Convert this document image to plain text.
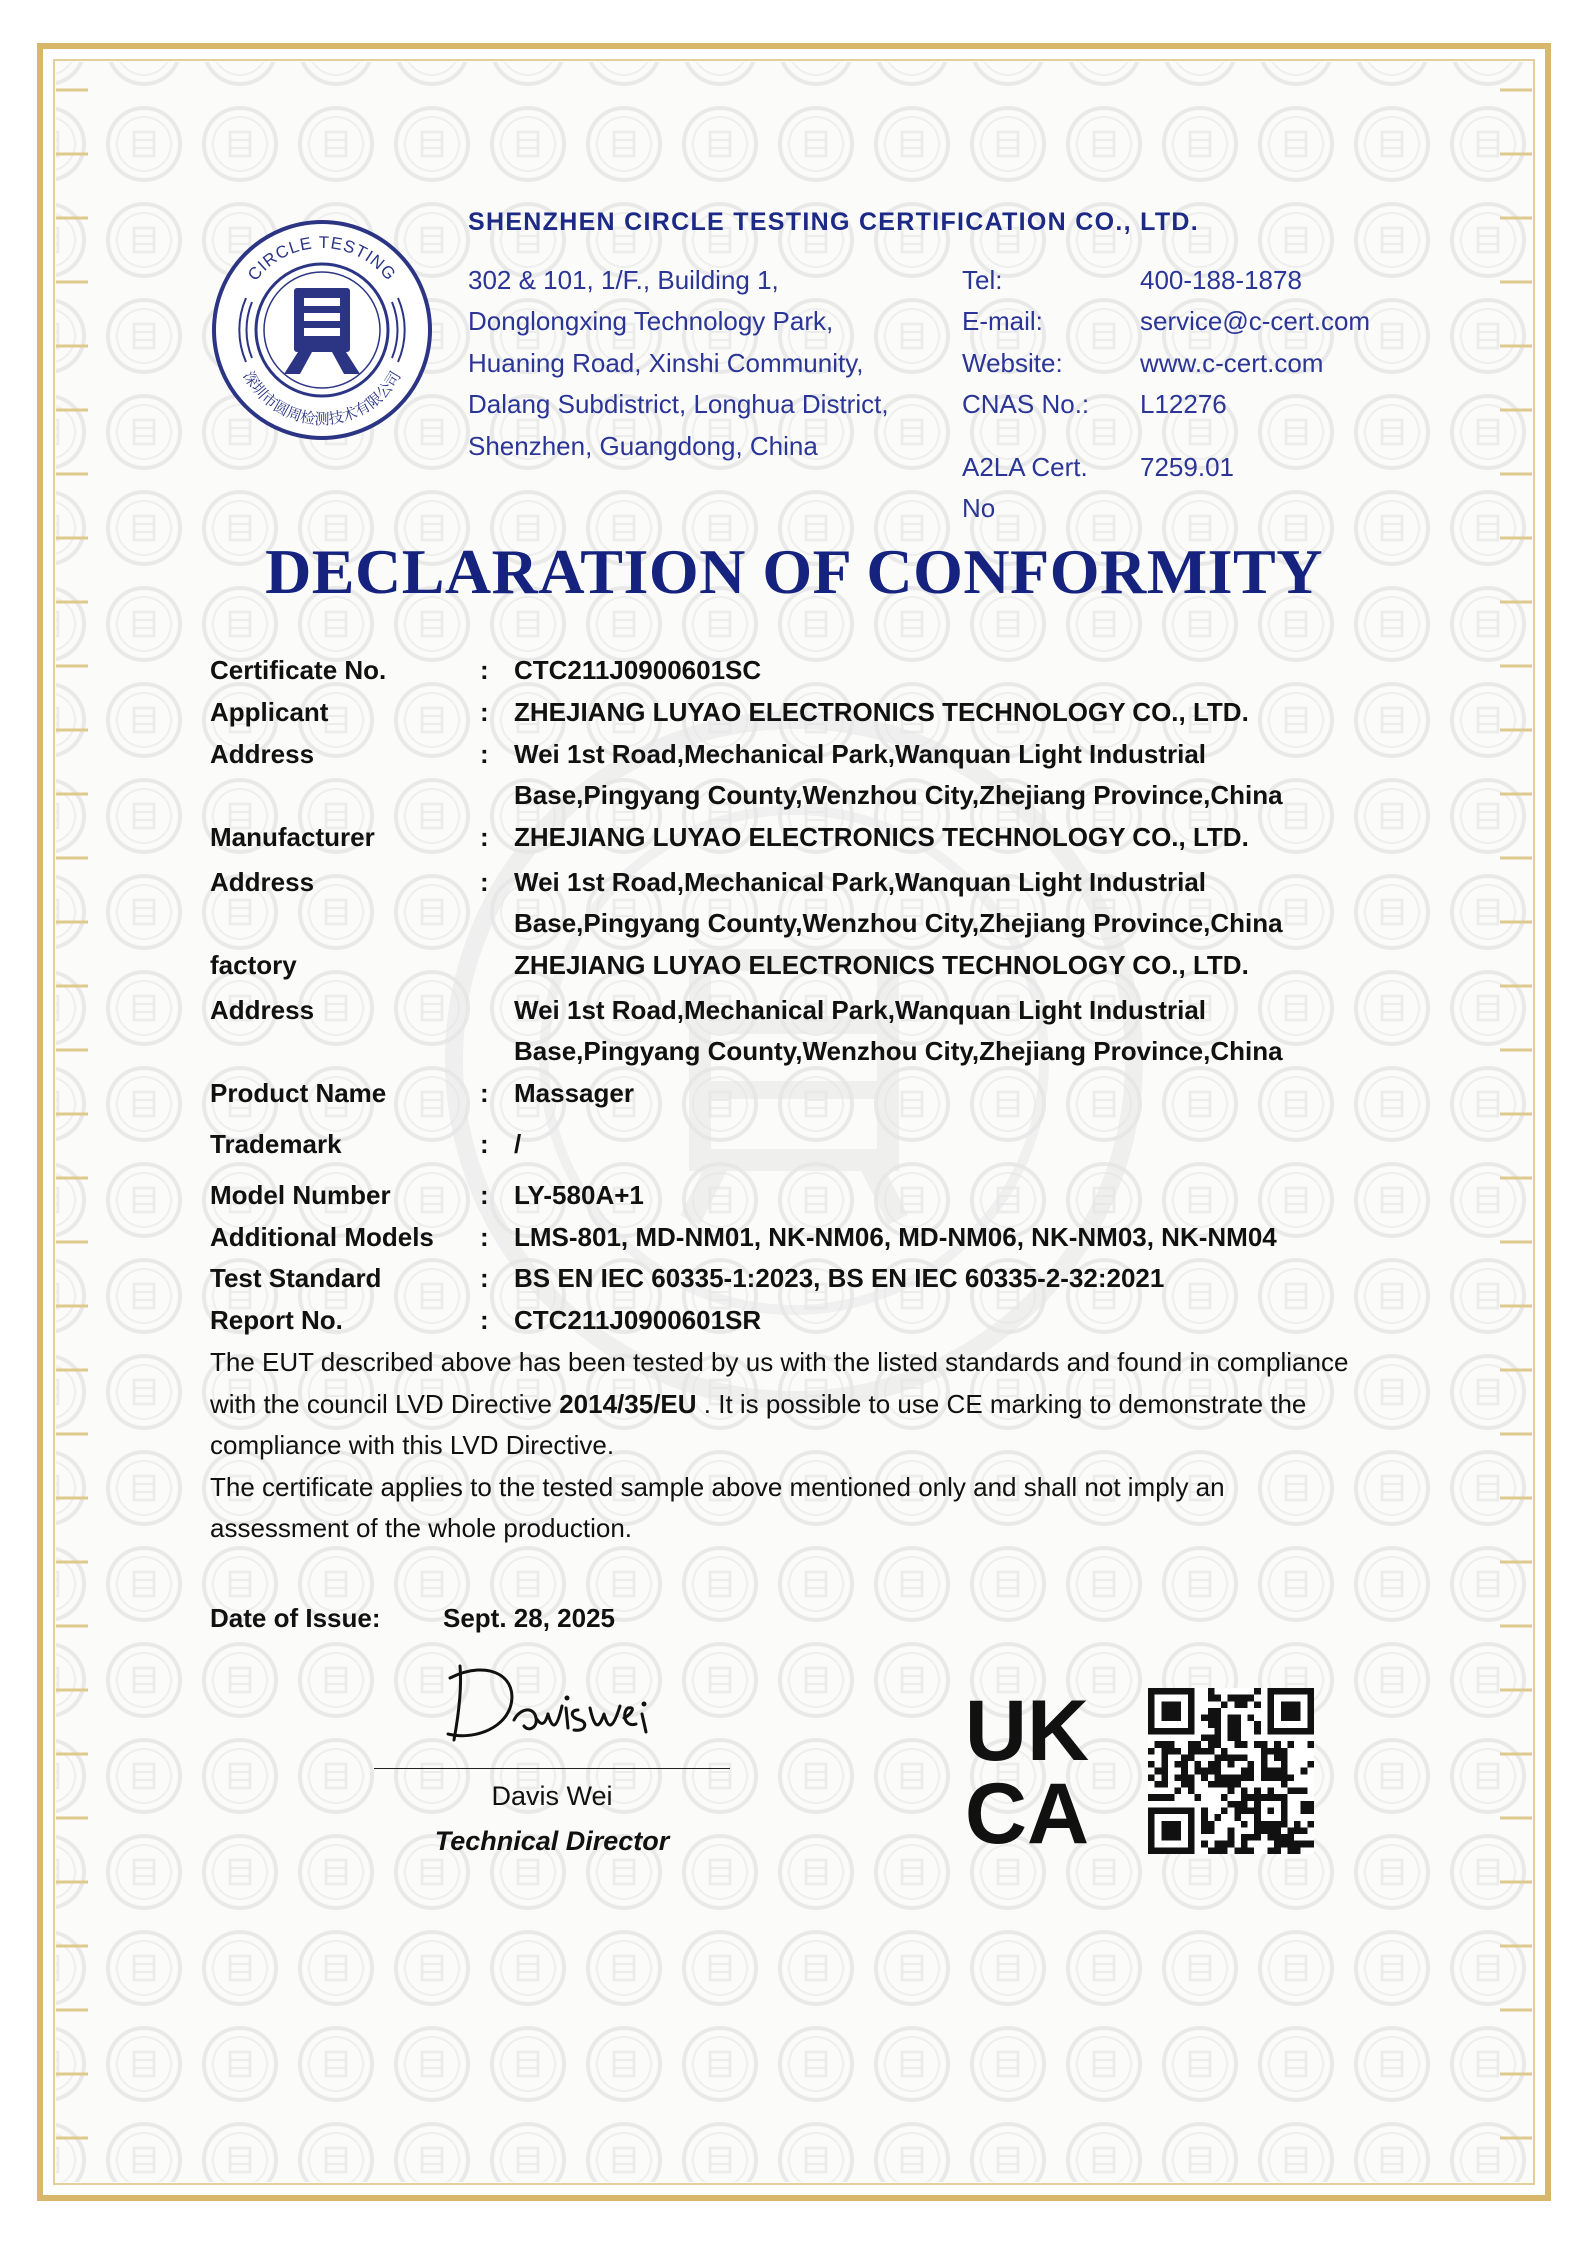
CIRCLE TESTING
深圳市圆周检测技术有限公司
SHENZHEN CIRCLE TESTING CERTIFICATION CO., LTD.
302 & 101, 1/F., Building 1,
Donglongxing Technology Park,
Huaning Road, Xinshi Community,
Dalang Subdistrict, Longhua District,
Shenzhen, Guangdong, China
Tel:	400-188-1878
E-mail:	service@c-cert.com
Website:	www.c-cert.com
CNAS No.: L12276
A2LA Cert.
No
7259.01
DECLARATION OF CONFORMITY
Certificate No.	: CTC211J0900601SC
Applicant	: ZHEJIANG LUYAO ELECTRONICS TECHNOLOGY CO., LTD.
Address	: Wei 1st Road,Mechanical Park,Wanquan Light Industrial
Base,Pingyang County,Wenzhou City,Zhejiang Province,China
Manufacturer	: ZHEJIANG LUYAO ELECTRONICS TECHNOLOGY CO., LTD.
Address	: Wei 1st Road,Mechanical Park,Wanquan Light Industrial
Base,Pingyang County,Wenzhou City,Zhejiang Province,China
factory	ZHEJIANG LUYAO ELECTRONICS TECHNOLOGY CO., LTD.
Address	Wei 1st Road,Mechanical Park,Wanquan Light Industrial
Base,Pingyang County,Wenzhou City,Zhejiang Province,China
Product Name	: Massager
Trademark	: /
Model Number	: LY-580A+1
Additional Models : LMS-801, MD-NM01, NK-NM06, MD-NM06, NK-NM03, NK-NM04
Test Standard	: BS EN IEC 60335-1:2023, BS EN IEC 60335-2-32:2021
Report No.	: CTC211J0900601SR
The EUT described above has been tested by us with the listed standards and found in compliance
with the council LVD Directive 2014/35/EU . It is possible to use CE marking to demonstrate the
compliance with this LVD Directive.
The certificate applies to the tested sample above mentioned only and shall not imply an
assessment of the whole production.
Date of Issue: Sept. 28, 2025
Davis Wei
Technical Director
UK
CA
